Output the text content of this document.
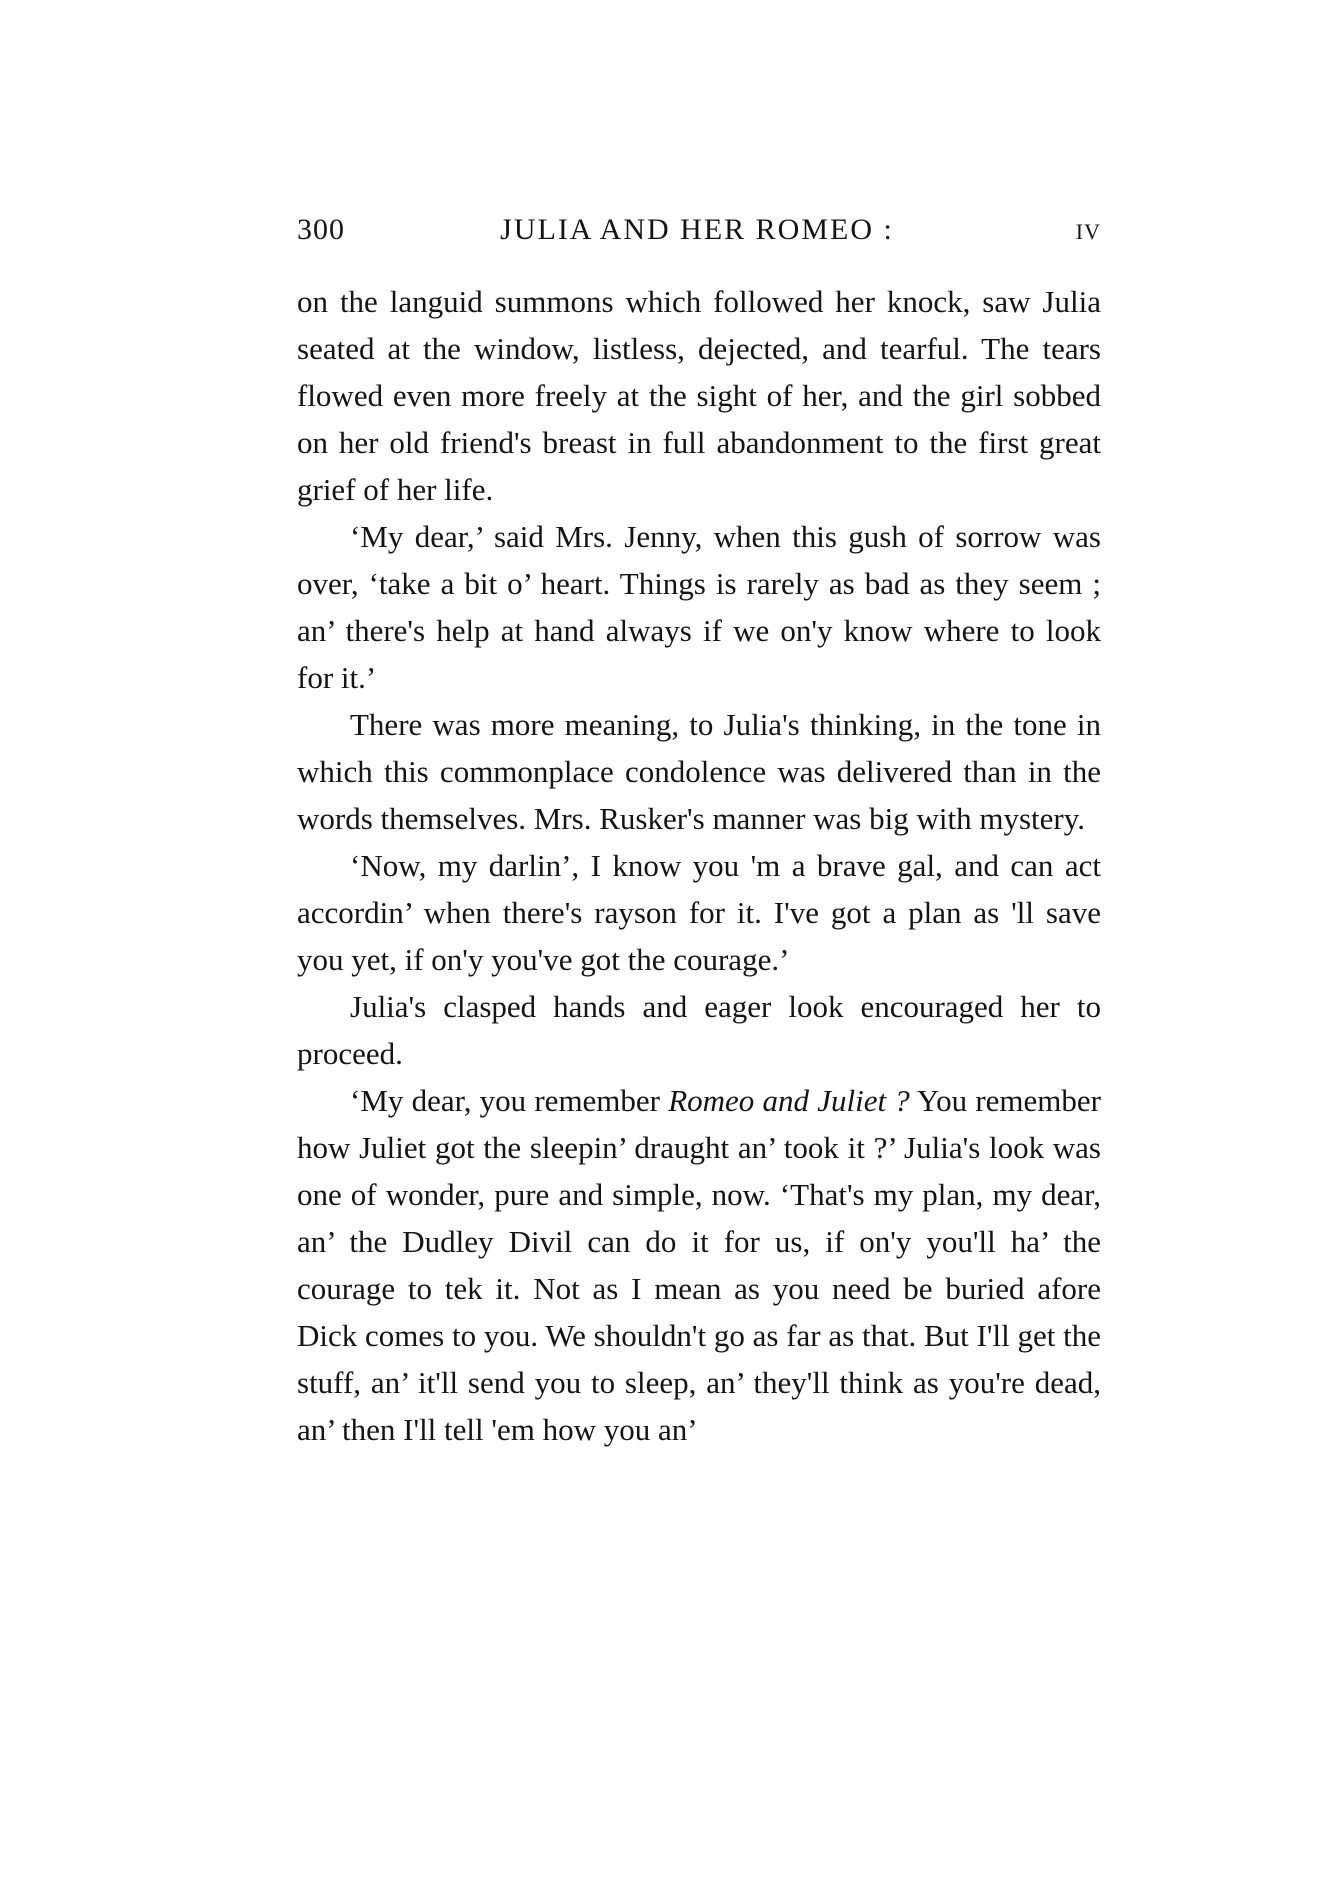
300	JULIA AND HER ROMEO :	IV

on the languid summons which followed her knock, saw Julia seated at the window, listless, dejected, and tearful. The tears flowed even more freely at the sight of her, and the girl sobbed on her old friend's breast in full abandonment to the first great grief of her life.

‘My dear,’ said Mrs. Jenny, when this gush of sorrow was over, ‘take a bit o’ heart. Things is rarely as bad as they seem ; an’ there's help at hand always if we on'y know where to look for it.’

There was more meaning, to Julia's thinking, in the tone in which this commonplace condolence was delivered than in the words themselves. Mrs. Rusker's manner was big with mystery.

‘Now, my darlin’, I know you 'm a brave gal, and can act accordin’ when there's rayson for it. I've got a plan as 'll save you yet, if on'y you've got the courage.’

Julia's clasped hands and eager look encouraged her to proceed.

‘My dear, you remember Romeo and Juliet ? You remember how Juliet got the sleepin’ draught an’ took it ?’ Julia's look was one of wonder, pure and simple, now. ‘That's my plan, my dear, an’ the Dudley Divil can do it for us, if on'y you'll ha’ the courage to tek it. Not as I mean as you need be buried afore Dick comes to you. We shouldn't go as far as that. But I'll get the stuff, an’ it'll send you to sleep, an’ they'll think as you're dead, an’ then I'll tell 'em how you an’
